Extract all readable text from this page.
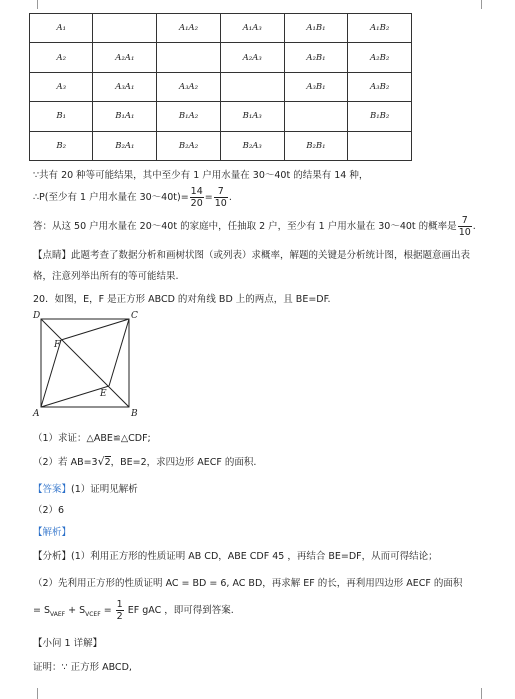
A₁		A₁A₂	A₁A₃	A₁B₁	A₁B₂
A₂	A₂A₁		A₂A₃	A₂B₁	A₂B₂
A₃	A₃A₁	A₃A₂		A₃B₁	A₃B₂
B₁	B₁A₁	B₁A₂	B₁A₃		B₁B₂
B₂	B₂A₁	B₂A₂	B₂A₃	B₂B₁	
∵共有 20 种等可能结果，其中至少有 1 户用水量在 30～40t 的结果有 14 种，
∴P(至少有 1 户用水量在 30～40t)= $\frac{14}{20} = \frac{7}{10}$ .
答：从这 50 户用水量在 20～40t 的家庭中，任抽取 2 户，至少有 1 户用水量在 30～40t 的概率是 $\frac{7}{10}$ .
【点睛】此题考查了数据分析和画树状图（或列表）求概率，解题的关键是分析统计图，根据题意画出表
格，注意列举出所有的等可能结果.
20．如图，E，F 是正方形 ABCD 的对角线 BD 上的两点，且 BE=DF.
D	C
A	B
E
F
（1）求证：△ABE≌△CDF;
（2）若 AB=3√2，BE=2，求四边形 AECF 的面积.
【答案】(1）证明见解析
（2）6
【解析】
【分析】(1）利用正方形的性质证明 AB CD，ABE CDF 45 ，再结合 BE=DF，从而可得结论；
（2）先利用正方形的性质证明 AC = BD = 6, AC BD，再求解 EF 的长，再利用四边形 AECF 的面积
= $S_{VAEF} + S_{VCEF} = \frac{1}{2}$ EF gAC ，即可得到答案.
【小问 1 详解】
证明：∵ 正方形 ABCD,
